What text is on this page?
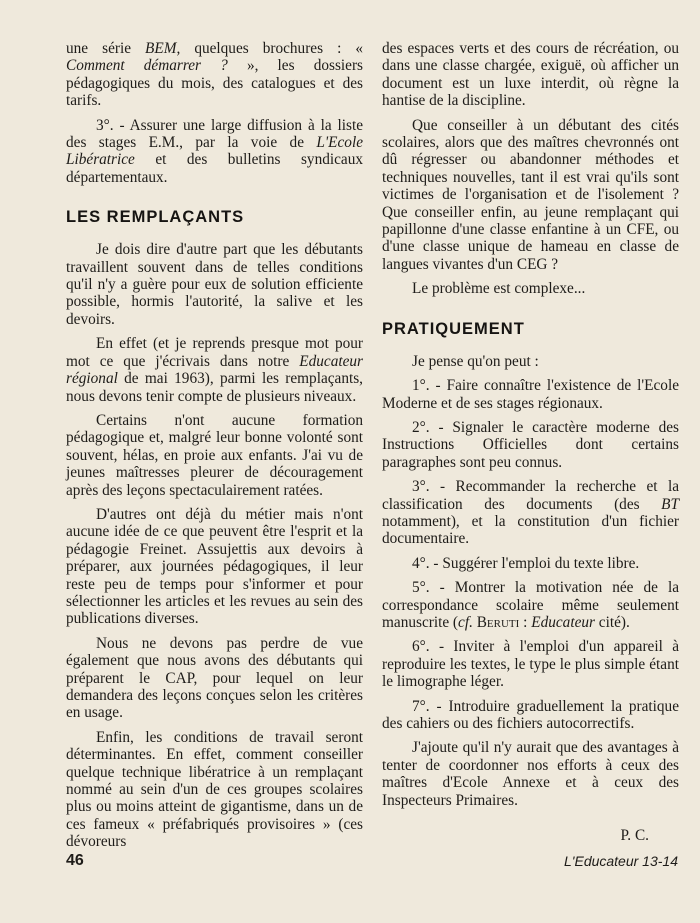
une série BEM, quelques brochures : « Comment démarrer ? », les dossiers pédagogiques du mois, des catalogues et des tarifs.

3°. - Assurer une large diffusion à la liste des stages E.M., par la voie de L'Ecole Libératrice et des bulletins syndicaux départementaux.

LES REMPLAÇANTS

Je dois dire d'autre part que les débutants travaillent souvent dans de telles conditions qu'il n'y a guère pour eux de solution efficiente possible, hormis l'autorité, la salive et les devoirs.

En effet (et je reprends presque mot pour mot ce que j'écrivais dans notre Educateur régional de mai 1963), parmi les remplaçants, nous devons tenir compte de plusieurs niveaux.

Certains n'ont aucune formation pédagogique et, malgré leur bonne volonté sont souvent, hélas, en proie aux enfants. J'ai vu de jeunes maîtresses pleurer de découragement après des leçons spectaculairement ratées.

D'autres ont déjà du métier mais n'ont aucune idée de ce que peuvent être l'esprit et la pédagogie Freinet. Assujettis aux devoirs à préparer, aux journées pédagogiques, il leur reste peu de temps pour s'informer et pour sélectionner les articles et les revues au sein des publications diverses.

Nous ne devons pas perdre de vue également que nous avons des débutants qui préparent le CAP, pour lequel on leur demandera des leçons conçues selon les critères en usage.

Enfin, les conditions de travail seront déterminantes. En effet, comment conseiller quelque technique libératrice à un remplaçant nommé au sein d'un de ces groupes scolaires plus ou moins atteint de gigantisme, dans un de ces fameux « préfabriqués provisoires » (ces dévoreurs

des espaces verts et des cours de récréation, ou dans une classe chargée, exiguë, où afficher un document est un luxe interdit, où règne la hantise de la discipline.

Que conseiller à un débutant des cités scolaires, alors que des maîtres chevronnés ont dû régresser ou abandonner méthodes et techniques nouvelles, tant il est vrai qu'ils sont victimes de l'organisation et de l'isolement ? Que conseiller enfin, au jeune remplaçant qui papillonne d'une classe enfantine à un CFE, ou d'une classe unique de hameau en classe de langues vivantes d'un CEG ?

Le problème est complexe...

PRATIQUEMENT

Je pense qu'on peut :

1°. - Faire connaître l'existence de l'Ecole Moderne et de ses stages régionaux.

2°. - Signaler le caractère moderne des Instructions Officielles dont certains paragraphes sont peu connus.

3°. - Recommander la recherche et la classification des documents (des BT notamment), et la constitution d'un fichier documentaire.

4°. - Suggérer l'emploi du texte libre.

5°. - Montrer la motivation née de la correspondance scolaire même seulement manuscrite (cf. Beruti : Educateur cité).

6°. - Inviter à l'emploi d'un appareil à reproduire les textes, le type le plus simple étant le limographe léger.

7°. - Introduire graduellement la pratique des cahiers ou des fichiers autocorrectifs.

J'ajoute qu'il n'y aurait que des avantages à tenter de coordonner nos efforts à ceux des maîtres d'Ecole Annexe et à ceux des Inspecteurs Primaires.

P. C.
46	L'Educateur 13-14
